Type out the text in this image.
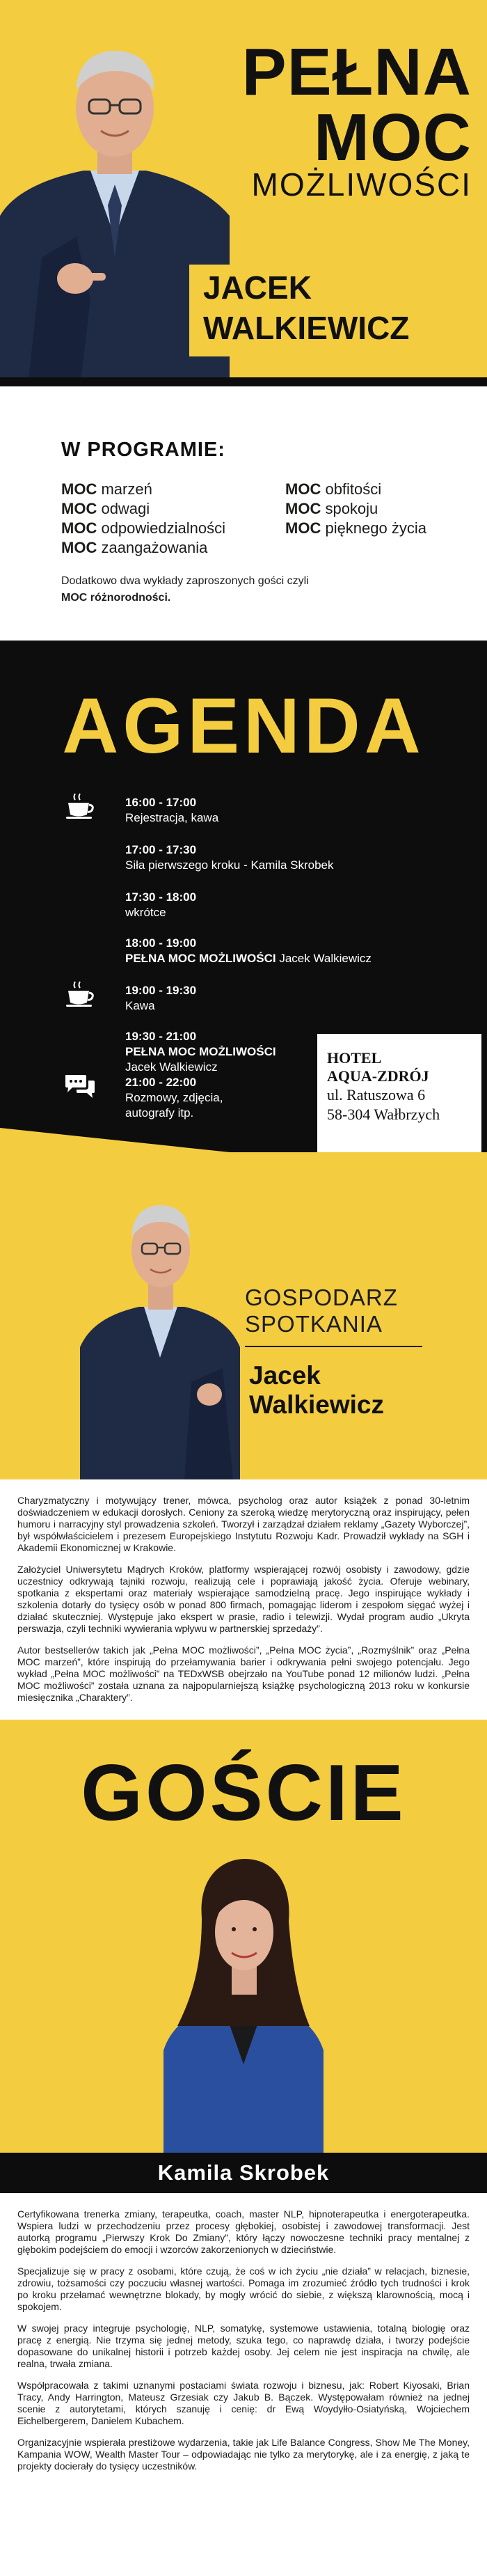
PEŁNA
MOC
MOŻLIWOŚCI
JACEK
WALKIEWICZ
W PROGRAMIE:
MOC marzeń
MOC odwagi
MOC odpowiedzialności
MOC zaangażowania
MOC obfitości
MOC spokoju
MOC pięknego życia
Dodatkowo dwa wykłady zaproszonych gości czyli
MOC różnorodności.
AGENDA
16:00 - 17:00
Rejestracja, kawa
17:00 - 17:30
Siła pierwszego kroku - Kamila Skrobek
17:30 - 18:00
wkrótce
18:00 - 19:00
PEŁNA MOC MOŻLIWOŚCI Jacek Walkiewicz
19:00 - 19:30
Kawa
19:30 - 21:00
PEŁNA MOC MOŻLIWOŚCI
Jacek Walkiewicz
21:00 - 22:00
Rozmowy, zdjęcia, autografy itp.
HOTEL
AQUA-ZDRÓJ
ul. Ratuszowa 6
58-304 Wałbrzych
GOSPODARZ
SPOTKANIA
Jacek
Walkiewicz

Charyzmatyczny i motywujący trener, mówca, psycholog oraz autor książek z ponad 30-letnim doświadczeniem w edukacji dorosłych. Ceniony za szeroką wiedzę merytoryczną oraz inspirujący, pełen humoru i narracyjny styl prowadzenia szkoleń. Tworzył i zarządzał działem reklamy „Gazety Wyborczej”, był współwłaścicielem i prezesem Europejskiego Instytutu Rozwoju Kadr. Prowadził wykłady na SGH i Akademii Ekonomicznej w Krakowie.

Założyciel Uniwersytetu Mądrych Kroków, platformy wspierającej rozwój osobisty i zawodowy, gdzie uczestnicy odkrywają tajniki rozwoju, realizują cele i poprawiają jakość życia. Oferuje webinary, spotkania z ekspertami oraz materiały wspierające samodzielną pracę. Jego inspirujące wykłady i szkolenia dotarły do tysięcy osób w ponad 800 firmach, pomagając liderom i zespołom sięgać wyżej i działać skuteczniej. Występuje jako ekspert w prasie, radio i telewizji. Wydał program audio „Ukryta perswazja, czyli techniki wywierania wpływu w partnerskiej sprzedaży”.

Autor bestsellerów takich jak „Pełna MOC możliwości”, „Pełna MOC życia”, „Rozmyślnik” oraz „Pełna MOC marzeń”, które inspirują do przełamywania barier i odkrywania pełni swojego potencjału. Jego wykład „Pełna MOC możliwości” na TEDxWSB obejrzało na YouTube ponad 12 milionów ludzi. „Pełna MOC możliwości” została uznana za najpopularniejszą książkę psychologiczną 2013 roku w konkursie miesięcznika „Charaktery”.

GOŚCIE
Kamila Skrobek

Certyfikowana trenerka zmiany, terapeutka, coach, master NLP, hipnoterapeutka i energoterapeutka. Wspiera ludzi w przechodzeniu przez procesy głębokiej, osobistej i zawodowej transformacji. Jest autorką programu „Pierwszy Krok Do Zmiany”, który łączy nowoczesne techniki pracy mentalnej z głębokim podejściem do emocji i wzorców zakorzenionych w dzieciństwie.

Specjalizuje się w pracy z osobami, które czują, że coś w ich życiu „nie działa” w relacjach, biznesie, zdrowiu, tożsamości czy poczuciu własnej wartości. Pomaga im zrozumieć źródło tych trudności i krok po kroku przełamać wewnętrzne blokady, by mogły wrócić do siebie, z większą klarownością, mocą i spokojem.

W swojej pracy integruje psychologię, NLP, somatykę, systemowe ustawienia, totalną biologię oraz pracę z energią. Nie trzyma się jednej metody, szuka tego, co naprawdę działa, i tworzy podejście dopasowane do unikalnej historii i potrzeb każdej osoby. Jej celem nie jest inspiracja na chwilę, ale realna, trwała zmiana.

Współpracowała z takimi uznanymi postaciami świata rozwoju i biznesu, jak: Robert Kiyosaki, Brian Tracy, Andy Harrington, Mateusz Grzesiak czy Jakub B. Bączek. Występowałam również na jednej scenie z autorytetami, których szanuję i cenię: dr Ewą Woydyłło-Osiatyńską, Wojciechem Eichelbergerem, Danielem Kubachem.

Organizacyjnie wspierała prestiżowe wydarzenia, takie jak Life Balance Congress, Show Me The Money, Kampania WOW, Wealth Master Tour – odpowiadając nie tylko za merytorykę, ale i za energię, z jaką te projekty docierały do tysięcy uczestników.
